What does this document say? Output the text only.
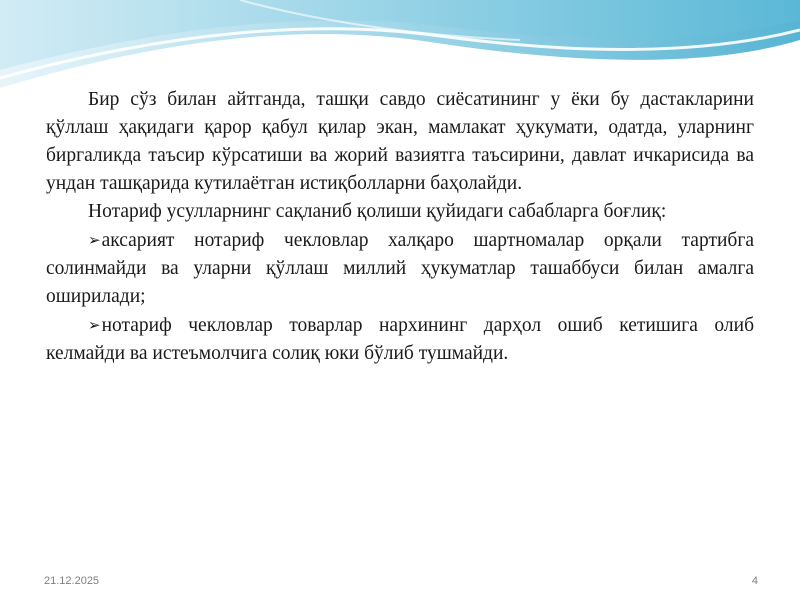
Бир сўз билан айтганда, ташқи савдо сиёсатининг у ёки бу дастакларини қўллаш ҳақидаги қарор қабул қилар экан, мамлакат ҳукумати, одатда, уларнинг биргаликда таъсир кўрсатиши ва жорий вазиятга таъсирини, давлат ичкарисида ва ундан ташқарида кутилаётган истиқболларни баҳолайди.

Нотариф усулларнинг сақланиб қолиши қуйидаги сабабларга боғлиқ:

➢аксарият нотариф чекловлар халқаро шартномалар орқали тартибга солинмайди ва уларни қўллаш миллий ҳукуматлар ташаббуси билан амалга оширилади;

➢нотариф чекловлар товарлар нархининг дарҳол ошиб кетишига олиб келмайди ва истеъмолчига солиқ юки бўлиб тушмайди.

21.12.2025	4
